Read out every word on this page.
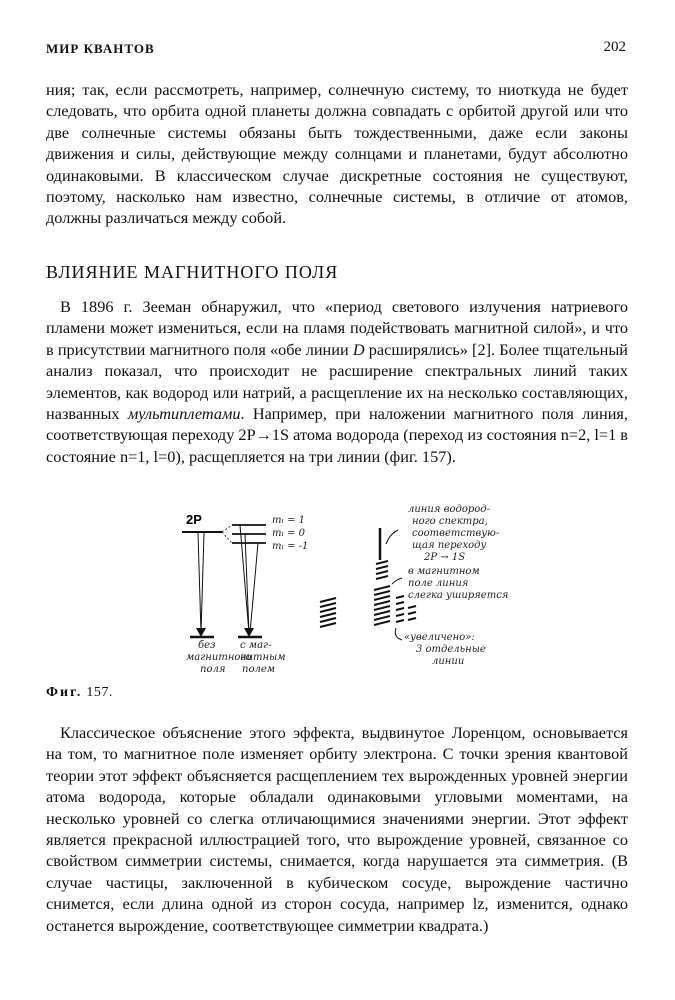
МИР КВАНТОВ	202

ния; так, если рассмотреть, например, солнечную систему, то ниоткуда не будет следовать, что орбита одной планеты должна совпадать с орбитой другой или что две солнечные системы обязаны быть тождественными, даже если законы движения и силы, действующие между солнцами и планетами, будут абсолютно одинаковыми. В классическом случае дискретные состояния не существуют, поэтому, насколько нам известно, солнечные системы, в отличие от атомов, должны различаться между собой.

ВЛИЯНИЕ МАГНИТНОГО ПОЛЯ

В 1896 г. Зееман обнаружил, что «период светового излучения натриевого пламени может измениться, если на пламя подействовать магнитной силой», и что в присутствии магнитного поля «обе линии D расширялись» [2]. Более тщательный анализ показал, что происходит не расширение спектральных линий таких элементов, как водород или натрий, а расщепление их на несколько составляющих, названных мультиплетами. Например, при наложении магнитного поля линия, соответствующая переходу 2P→1S атома водорода (переход из состояния n=2, l=1 в состояние n=1, l=0), расщепляется на три линии (фиг. 157).

2P	mₗ = 1
mₗ = 0
mₗ = -1
без
магнитного
поля
с маг-
нитным
полем
линия водород-
ного спектра,
соответствую-
щая переходу
2P → 1S
в магнитном
поле линия
слегка уширяется
«увеличено»:
3 отдельные
линии
Фиг. 157.

Классическое объяснение этого эффекта, выдвинутое Лоренцом, основывается на том, то магнитное поле изменяет орбиту электрона. С точки зрения квантовой теории этот эффект объясняется расщеплением тех вырожденных уровней энергии атома водорода, которые обладали одинаковыми угловыми моментами, на несколько уровней со слегка отличающимися значениями энергии. Этот эффект является прекрасной иллюстрацией того, что вырождение уровней, связанное со свойством симметрии системы, снимается, когда нарушается эта симметрия. (В случае частицы, заключенной в кубическом сосуде, вырождение частично снимется, если длина одной из сторон сосуда, например lz, изменится, однако останется вырождение, соответствующее симметрии квадрата.)
